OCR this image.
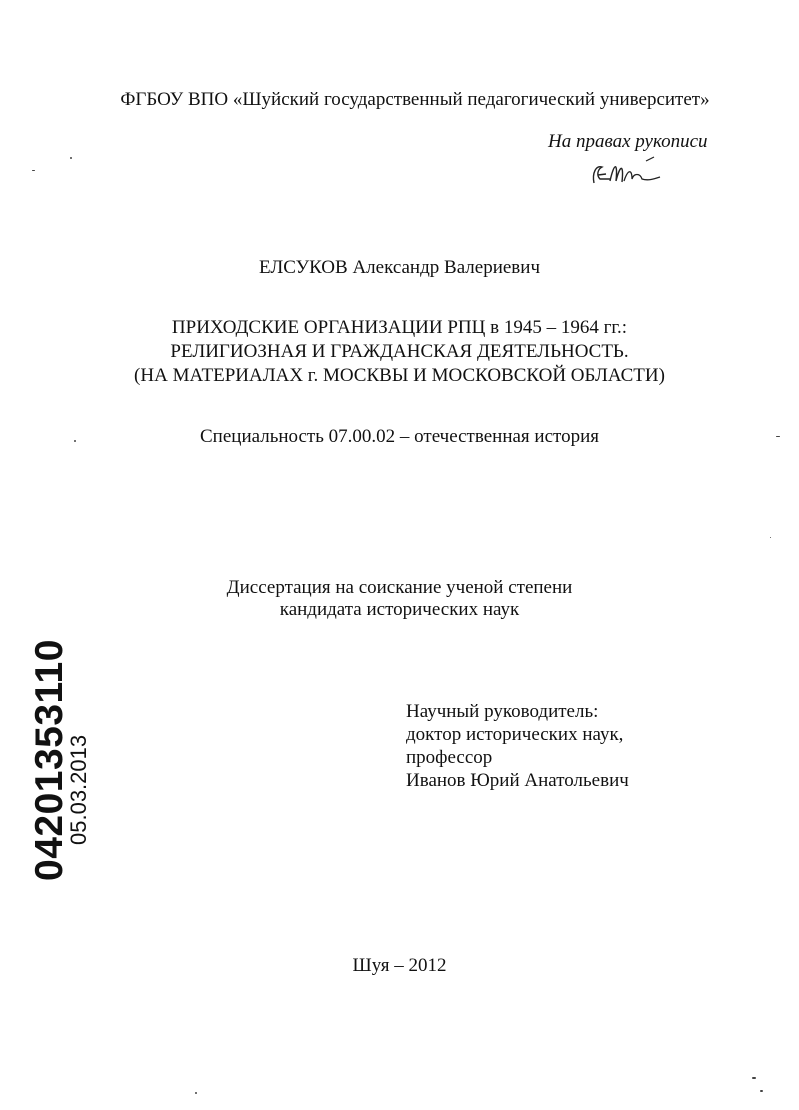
ФГБОУ ВПО «Шуйский государственный педагогический университет»
На правах рукописи
ЕЛСУКОВ Александр Валериевич
ПРИХОДСКИЕ ОРГАНИЗАЦИИ РПЦ в 1945 – 1964 гг.:
РЕЛИГИОЗНАЯ И ГРАЖДАНСКАЯ ДЕЯТЕЛЬНОСТЬ.
(НА МАТЕРИАЛАХ г. МОСКВЫ И МОСКОВСКОЙ ОБЛАСТИ)
Специальность 07.00.02 – отечественная история
Диссертация на соискание ученой степени
кандидата исторических наук
Научный руководитель:
доктор исторических наук,
профессор
Иванов Юрий Анатольевич
Шуя – 2012
04201353110
05.03.2013
